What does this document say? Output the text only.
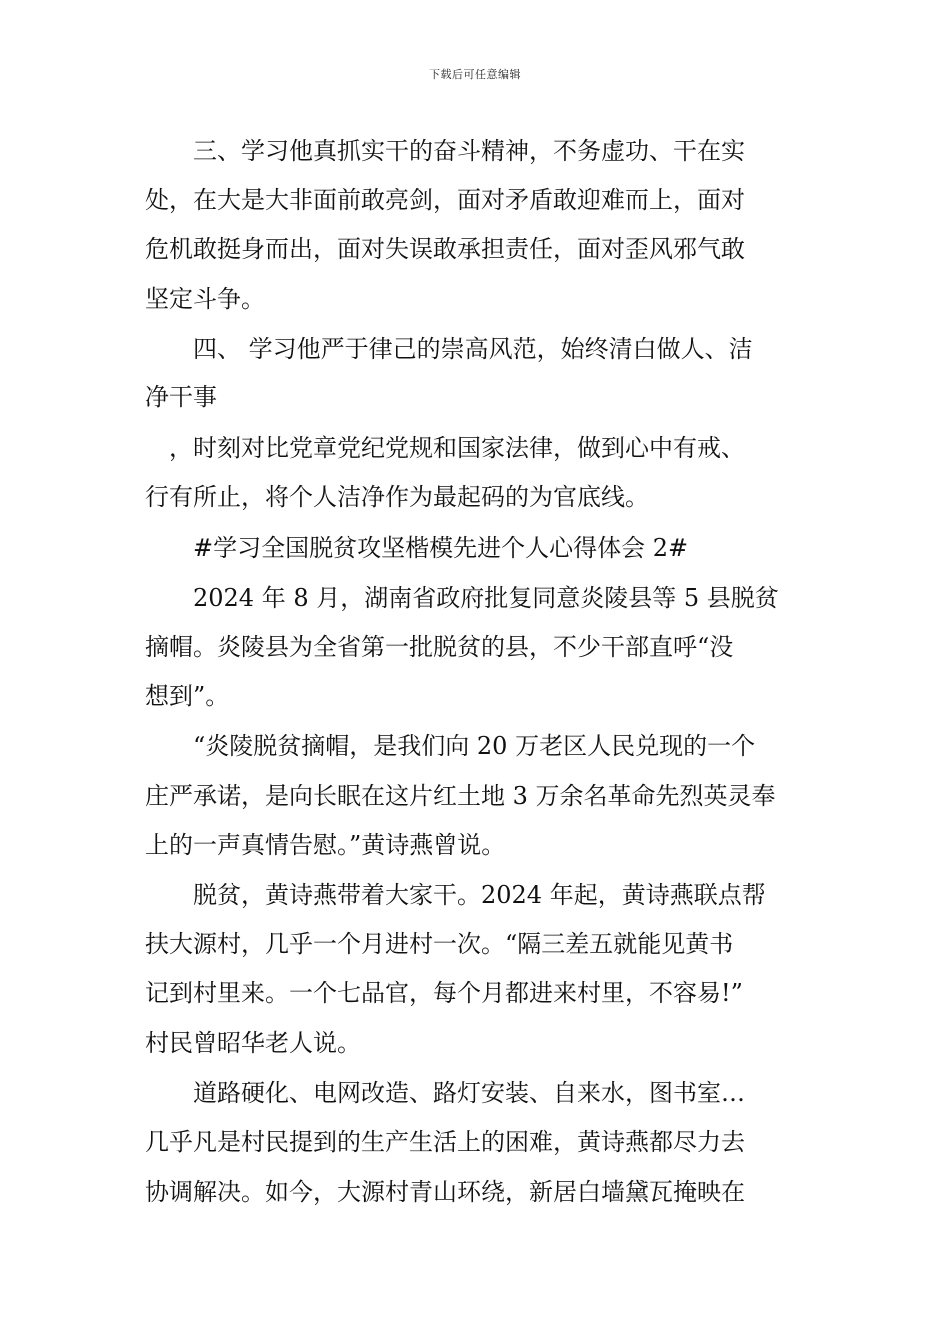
下载后可任意编辑
　　三、学习他真抓实干的奋斗精神，不务虚功、干在实
处，在大是大非面前敢亮剑，面对矛盾敢迎难而上，面对
危机敢挺身而出，面对失误敢承担责任，面对歪风邪气敢
坚定斗争。
　　四、 学习他严于律己的崇高风范，始终清白做人、洁
净干事
　，时刻对比党章党纪党规和国家法律，做到心中有戒、
行有所止，将个人洁净作为最起码的为官底线。
　　#学习全国脱贫攻坚楷模先进个人心得体会 2#
　　2024 年 8 月，湖南省政府批复同意炎陵县等 5 县脱贫
摘帽。炎陵县为全省第一批脱贫的县，不少干部直呼“没
想到”。
　　“炎陵脱贫摘帽，是我们向 20 万老区人民兑现的一个
庄严承诺，是向长眠在这片红土地 3 万余名革命先烈英灵奉
上的一声真情告慰。”黄诗燕曾说。
　　脱贫，黄诗燕带着大家干。2024 年起，黄诗燕联点帮
扶大源村，几乎一个月进村一次。“隔三差五就能见黄书
记到村里来。一个七品官，每个月都进来村里，不容易!”
村民曾昭华老人说。
　　道路硬化、电网改造、路灯安装、自来水，图书室…
几乎凡是村民提到的生产生活上的困难，黄诗燕都尽力去
协调解决。如今，大源村青山环绕，新居白墙黛瓦掩映在
